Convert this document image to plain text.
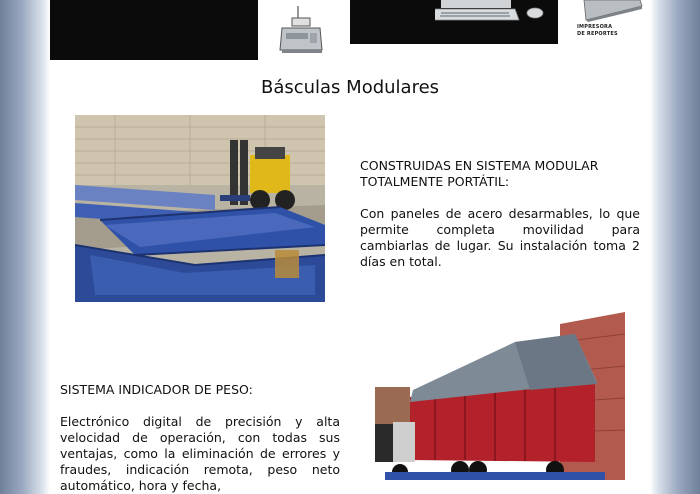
IMPRESORA
DE REPORTES
Básculas Modulares
CONSTRUIDAS EN SISTEMA MODULAR
TOTALMENTE PORTÁTIL:
Con paneles de acero desarmables, lo que permite completa movilidad para cambiarlas de lugar. Su instalación toma 2 días en total.
SISTEMA INDICADOR DE PESO:
Electrónico digital de precisión y alta velocidad de operación, con todas sus ventajas, como la eliminación de errores y fraudes, indicación remota, peso neto automático, hora y fecha,
